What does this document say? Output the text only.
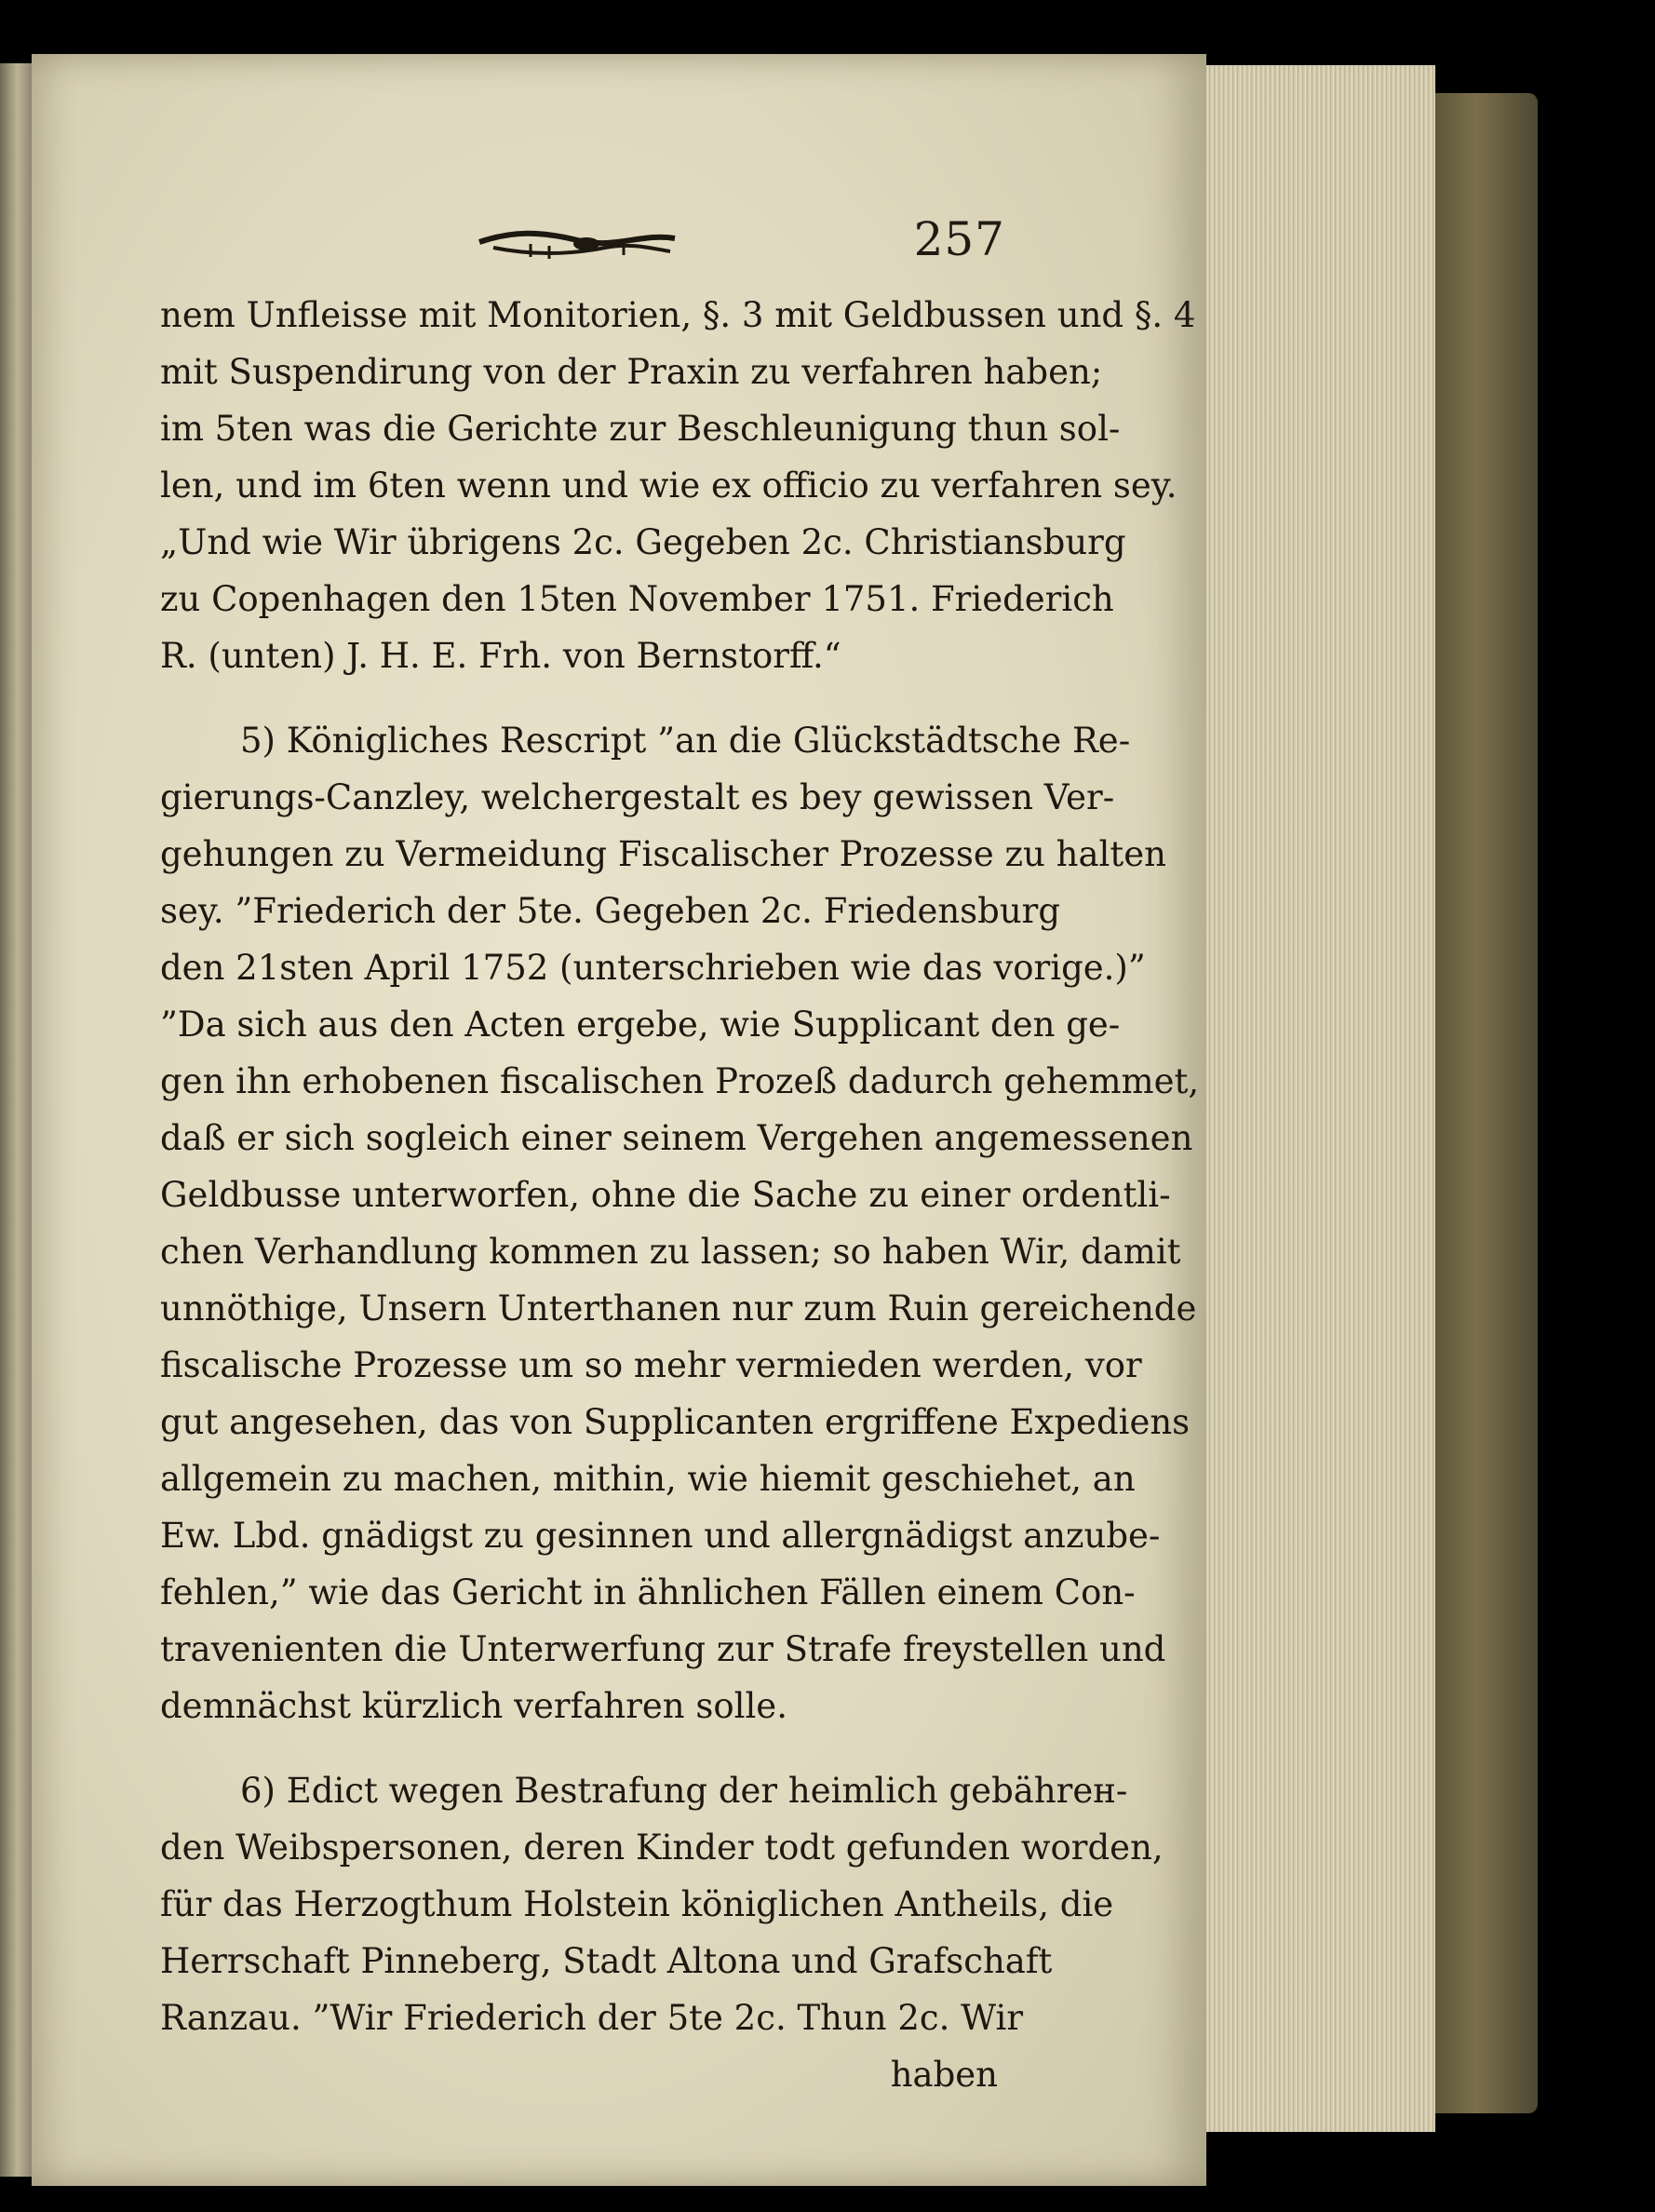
257
nem Unfleisse mit Monitorien, §. 3 mit Geldbussen und §. 4
mit Suspendirung von der Praxin zu verfahren haben;
im 5ten was die Gerichte zur Beschleunigung thun sol-
len, und im 6ten wenn und wie ex officio zu verfahren sey.
„Und wie Wir übrigens 2c. Gegeben 2c. Christiansburg
zu Copenhagen den 15ten November 1751. Friederich
R. (unten) J. H. E. Frh. von Bernstorff.“
5) Königliches Rescript ”an die Glückstädtsche Re-
gierungs-Canzley, welchergestalt es bey gewissen Ver-
gehungen zu Vermeidung Fiscalischer Prozesse zu halten
sey. ”Friederich der 5te. Gegeben 2c. Friedensburg
den 21sten April 1752 (unterschrieben wie das vorige.)”
”Da sich aus den Acten ergebe, wie Supplicant den ge-
gen ihn erhobenen fiscalischen Prozeß dadurch gehemmet,
daß er sich sogleich einer seinem Vergehen angemessenen
Geldbusse unterworfen, ohne die Sache zu einer ordentli-
chen Verhandlung kommen zu lassen; so haben Wir, damit
unnöthige, Unsern Unterthanen nur zum Ruin gereichende
fiscalische Prozesse um so mehr vermieden werden, vor
gut angesehen, das von Supplicanten ergriffene Expediens
allgemein zu machen, mithin, wie hiemit geschiehet, an
Ew. Lbd. gnädigst zu gesinnen und allergnädigst anzube-
fehlen,” wie das Gericht in ähnlichen Fällen einem Con-
travenienten die Unterwerfung zur Strafe freystellen und
demnächst kürzlich verfahren solle.
6) Edict wegen Bestrafung der heimlich gebährен-
den Weibspersonen, deren Kinder todt gefunden worden,
für das Herzogthum Holstein königlichen Antheils, die
Herrschaft Pinneberg, Stadt Altona und Grafschaft
Ranzau. ”Wir Friederich der 5te 2c. Thun 2c. Wir
haben
